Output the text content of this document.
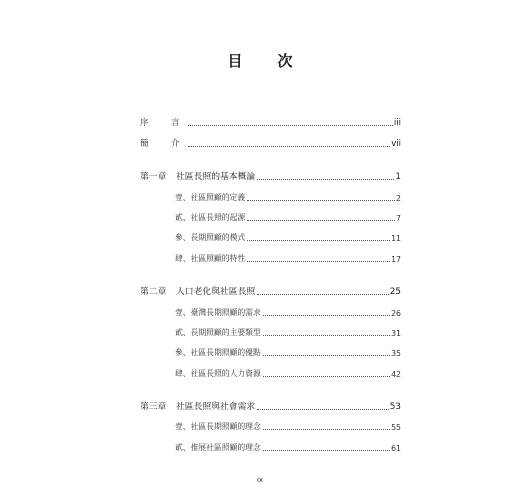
目　次
序　言	iii
簡　介	vii
第一章	社區長照的基本概論	1
壹、社區照顧的定義	2
貳、社區長照的起源	7
參、長期照顧的模式	11
肆、社區照顧的特性	17
第二章	人口老化與社區長照	25
壹、臺灣長期照顧的需求	26
貳、長期照顧的主要類型	31
參、社區長期照顧的優點	35
肆、社區長照的人力資源	42
第三章	社區長照與社會需求	53
壹、社區長期照顧的理念	55
貳、推展社區照顧的理念	61
ix
